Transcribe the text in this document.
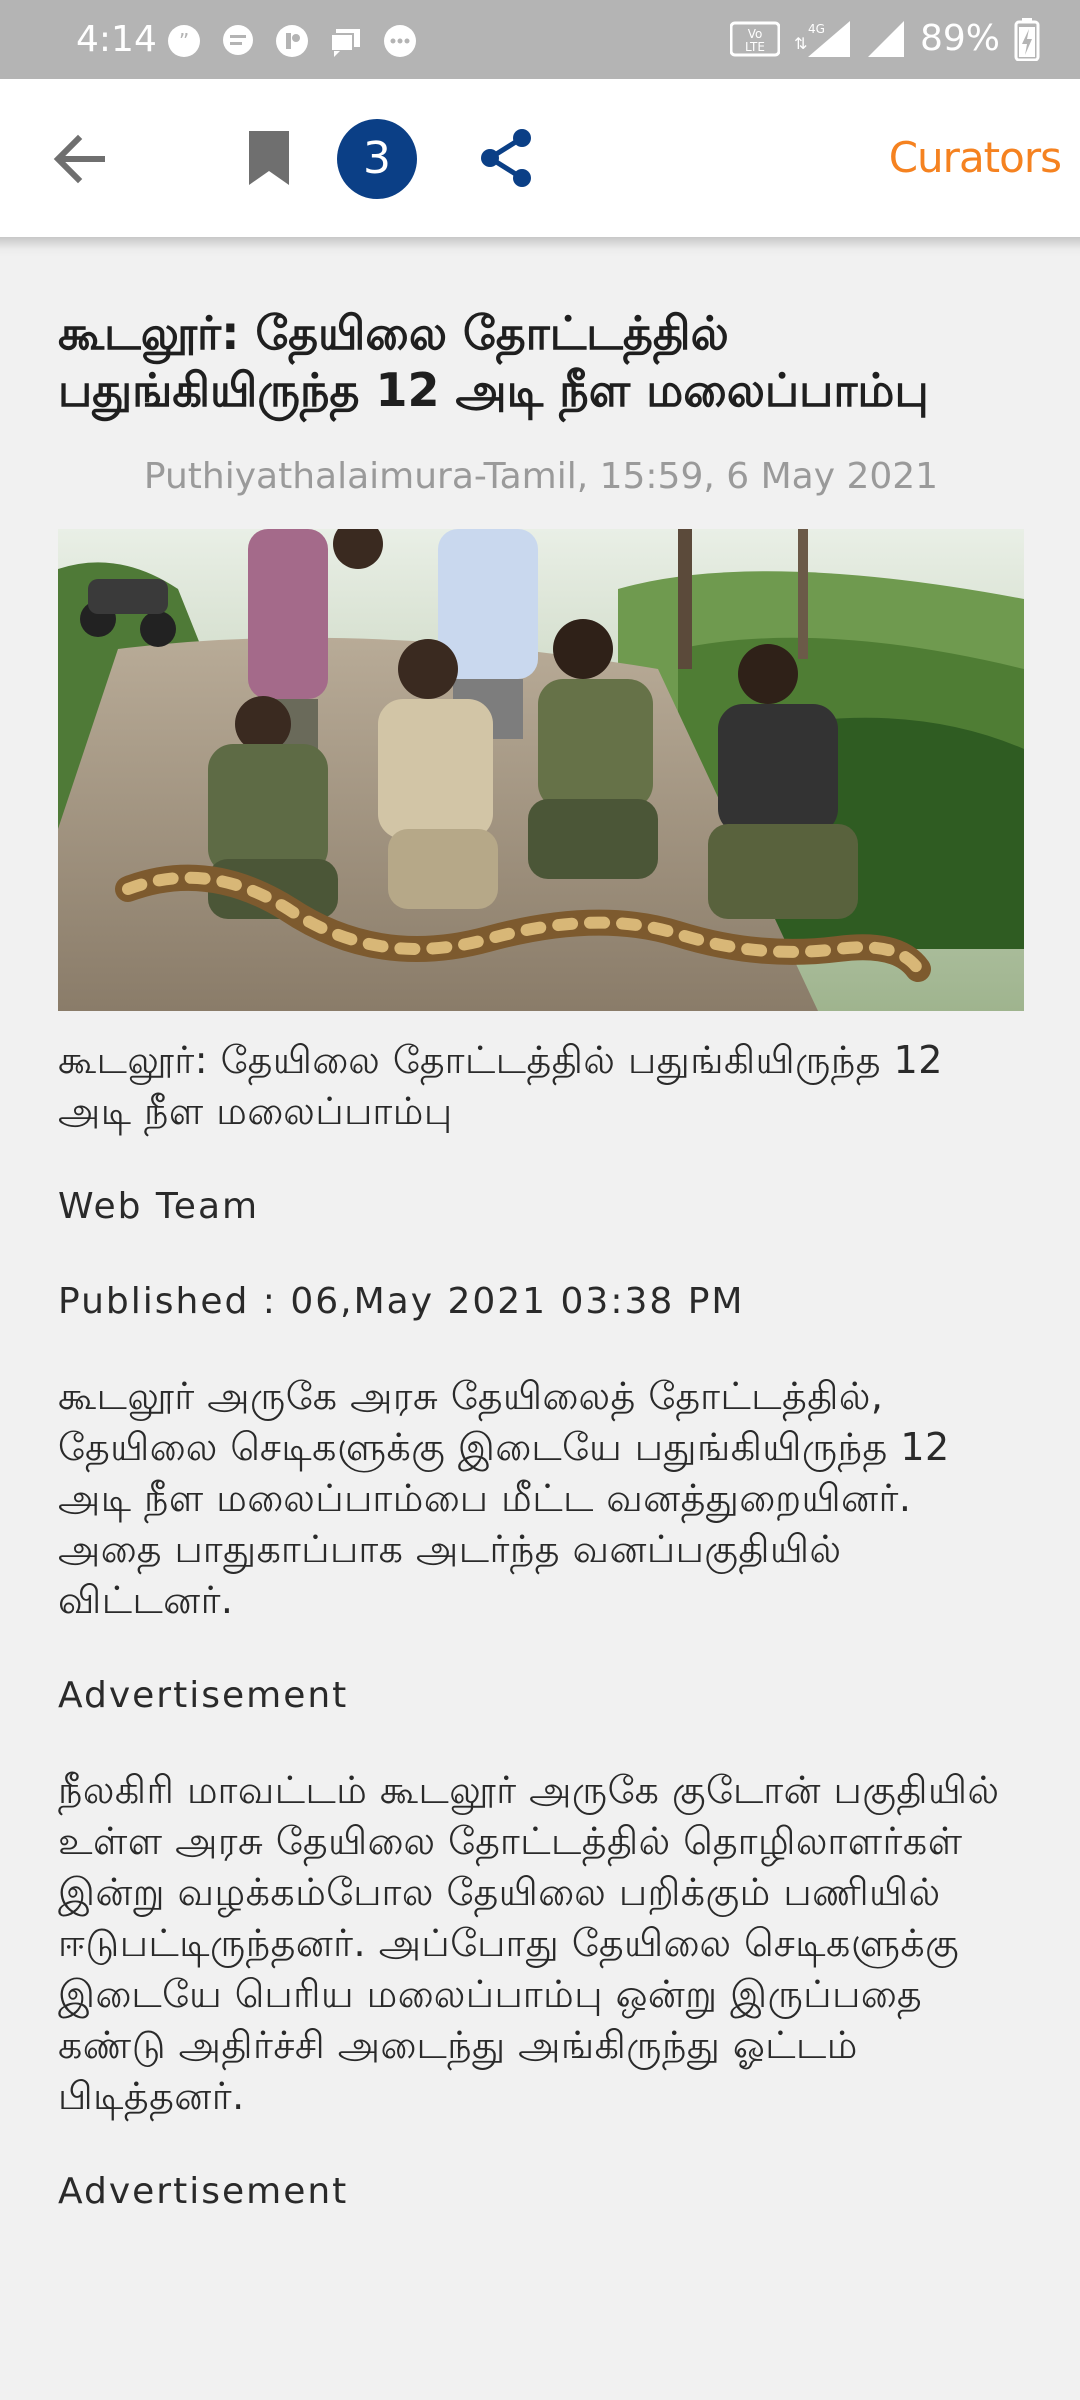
4:14 ”	Vo
LTE
4G
⇅	89%
3	Curators
கூடலூர்: தேயிலை தோட்டத்தில் பதுங்கியிருந்த 12 அடி நீள மலைப்பாம்பு
Puthiyathalaimura-Tamil, 15:59, 6 May 2021

கூடலூர்: தேயிலை தோட்டத்தில் பதுங்கியிருந்த 12 அடி நீள மலைப்பாம்பு

Web Team

Published : 06,May 2021 03:38 PM

கூடலூர் அருகே அரசு தேயிலைத் தோட்டத்தில், தேயிலை செடிகளுக்கு இடையே பதுங்கியிருந்த 12 அடி நீள மலைப்பாம்பை மீட்ட வனத்துறையினர். அதை பாதுகாப்பாக அடர்ந்த வனப்பகுதியில் விட்டனர்.

Advertisement

நீலகிரி மாவட்டம் கூடலூர் அருகே குடோன் பகுதியில் உள்ள அரசு தேயிலை தோட்டத்தில் தொழிலாளர்கள் இன்று வழக்கம்போல தேயிலை பறிக்கும் பணியில் ஈடுபட்டிருந்தனர். அப்போது தேயிலை செடிகளுக்கு இடையே பெரிய மலைப்பாம்பு ஒன்று இருப்பதை கண்டு அதிர்ச்சி அடைந்து அங்கிருந்து ஓட்டம் பிடித்தனர்.

Advertisement
